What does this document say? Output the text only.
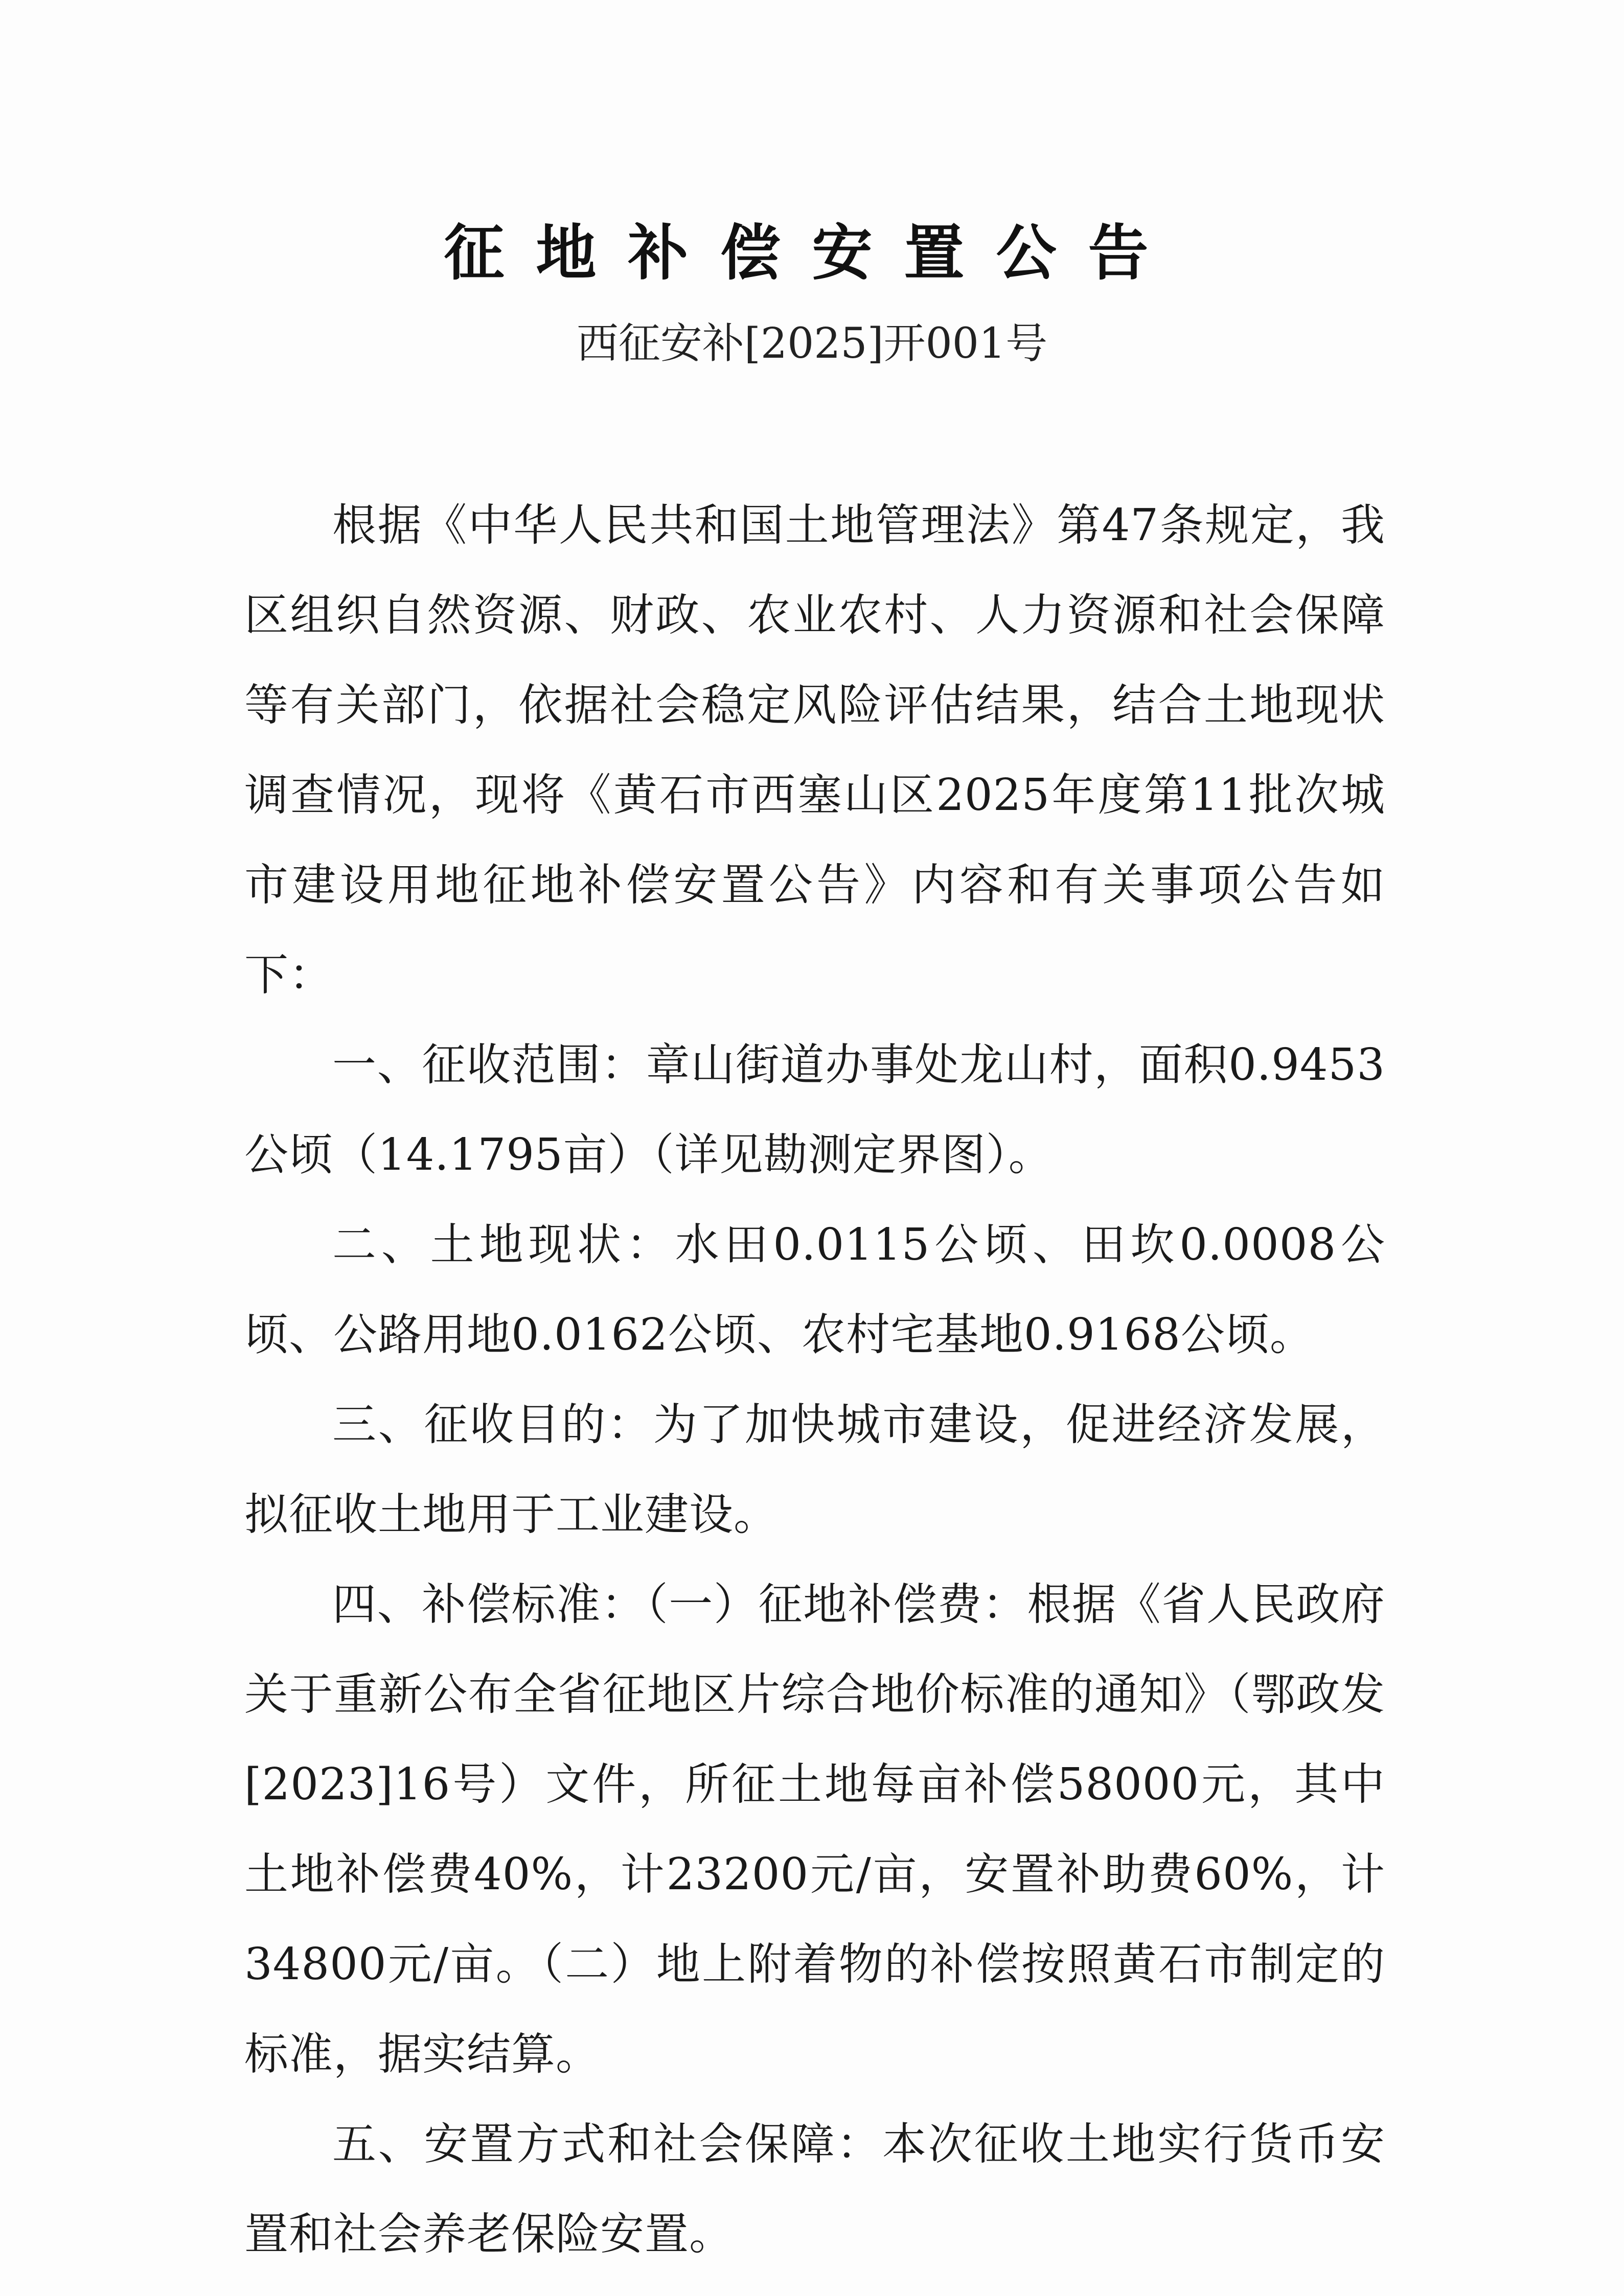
征地补偿安置公告
西征安补[2025]开001号

根据《中华人民共和国土地管理法》第47条规定，我区组织自然资源、财政、农业农村、人力资源和社会保障等有关部门，依据社会稳定风险评估结果，结合土地现状调查情况，现将《黄石市西塞山区2025年度第11批次城市建设用地征地补偿安置公告》内容和有关事项公告如下：

一、征收范围：章山街道办事处龙山村，面积0.9453公顷（14.1795亩）（详见勘测定界图）。

二、土地现状：水田0.0115公顷、田坎0.0008公顷、公路用地0.0162公顷、农村宅基地0.9168公顷。

三、征收目的：为了加快城市建设，促进经济发展，拟征收土地用于工业建设。

四、补偿标准：（一）征地补偿费：根据《省人民政府关于重新公布全省征地区片综合地价标准的通知》（鄂政发[2023]16号）文件，所征土地每亩补偿58000元，其中土地补偿费40%，计23200元/亩，安置补助费60%，计34800元/亩。（二）地上附着物的补偿按照黄石市制定的标准，据实结算。

五、安置方式和社会保障：本次征收土地实行货币安置和社会养老保险安置。
